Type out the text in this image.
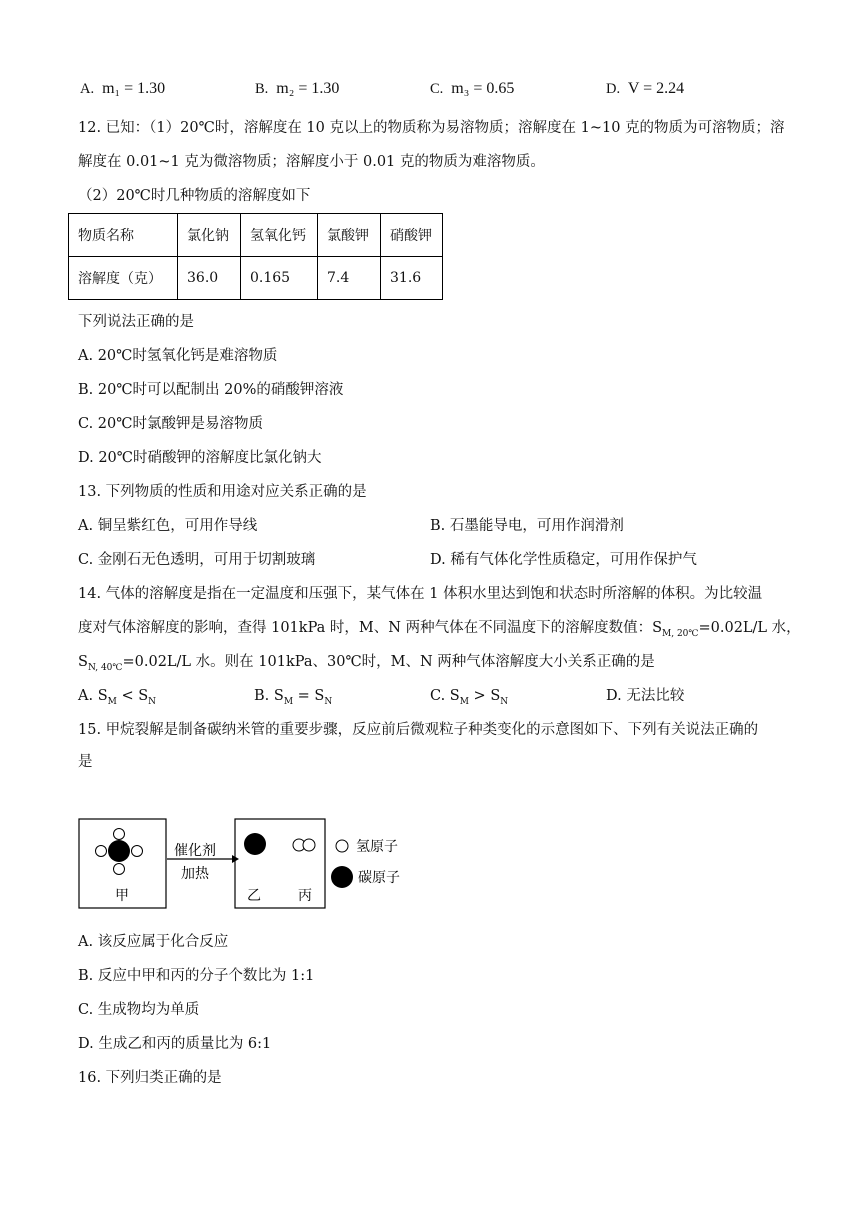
A. m₁ = 1.30	B. m₂ = 1.30	C. m₃ = 0.65	D. V = 2.24
12. 已知：（1）20℃时，溶解度在 10 克以上的物质称为易溶物质；溶解度在 1~10 克的物质为可溶物质；溶
解度在 0.01~1 克为微溶物质；溶解度小于 0.01 克的物质为难溶物质。
（2）20℃时几种物质的溶解度如下
物质名称	氯化钠	氢氧化钙	氯酸钾	硝酸钾
溶解度（克）	36.0	0.165	7.4	31.6
下列说法正确的是
A. 20℃时氢氧化钙是难溶物质
B. 20℃时可以配制出 20%的硝酸钾溶液
C. 20℃时氯酸钾是易溶物质
D. 20℃时硝酸钾的溶解度比氯化钠大
13. 下列物质的性质和用途对应关系正确的是
A. 铜呈紫红色，可用作导线	B. 石墨能导电，可用作润滑剂
C. 金刚石无色透明，可用于切割玻璃	D. 稀有气体化学性质稳定，可用作保护气
14. 气体的溶解度是指在一定温度和压强下，某气体在 1 体积水里达到饱和状态时所溶解的体积。为比较温
度对气体溶解度的影响，查得 101kPa 时，M、N 两种气体在不同温度下的溶解度数值：$S_{M, 20℃}=0.02L/L$ 水，
$S_{N, 40℃}=0.02L/L$ 水。则在 101kPa、30℃时，M、N 两种气体溶解度大小关系正确的是
A. $S_M < S_N$	B. $S_M = S_N$	C. $S_M > S_N$	D. 无法比较
15. 甲烷裂解是制备碳纳米管的重要步骤，反应前后微观粒子种类变化的示意图如下、下列有关说法正确的
是
甲
催化剂
加热
乙	丙
氢原子
碳原子
A. 该反应属于化合反应
B. 反应中甲和丙的分子个数比为 1:1
C. 生成物均为单质
D. 生成乙和丙的质量比为 6:1
16. 下列归类正确的是
